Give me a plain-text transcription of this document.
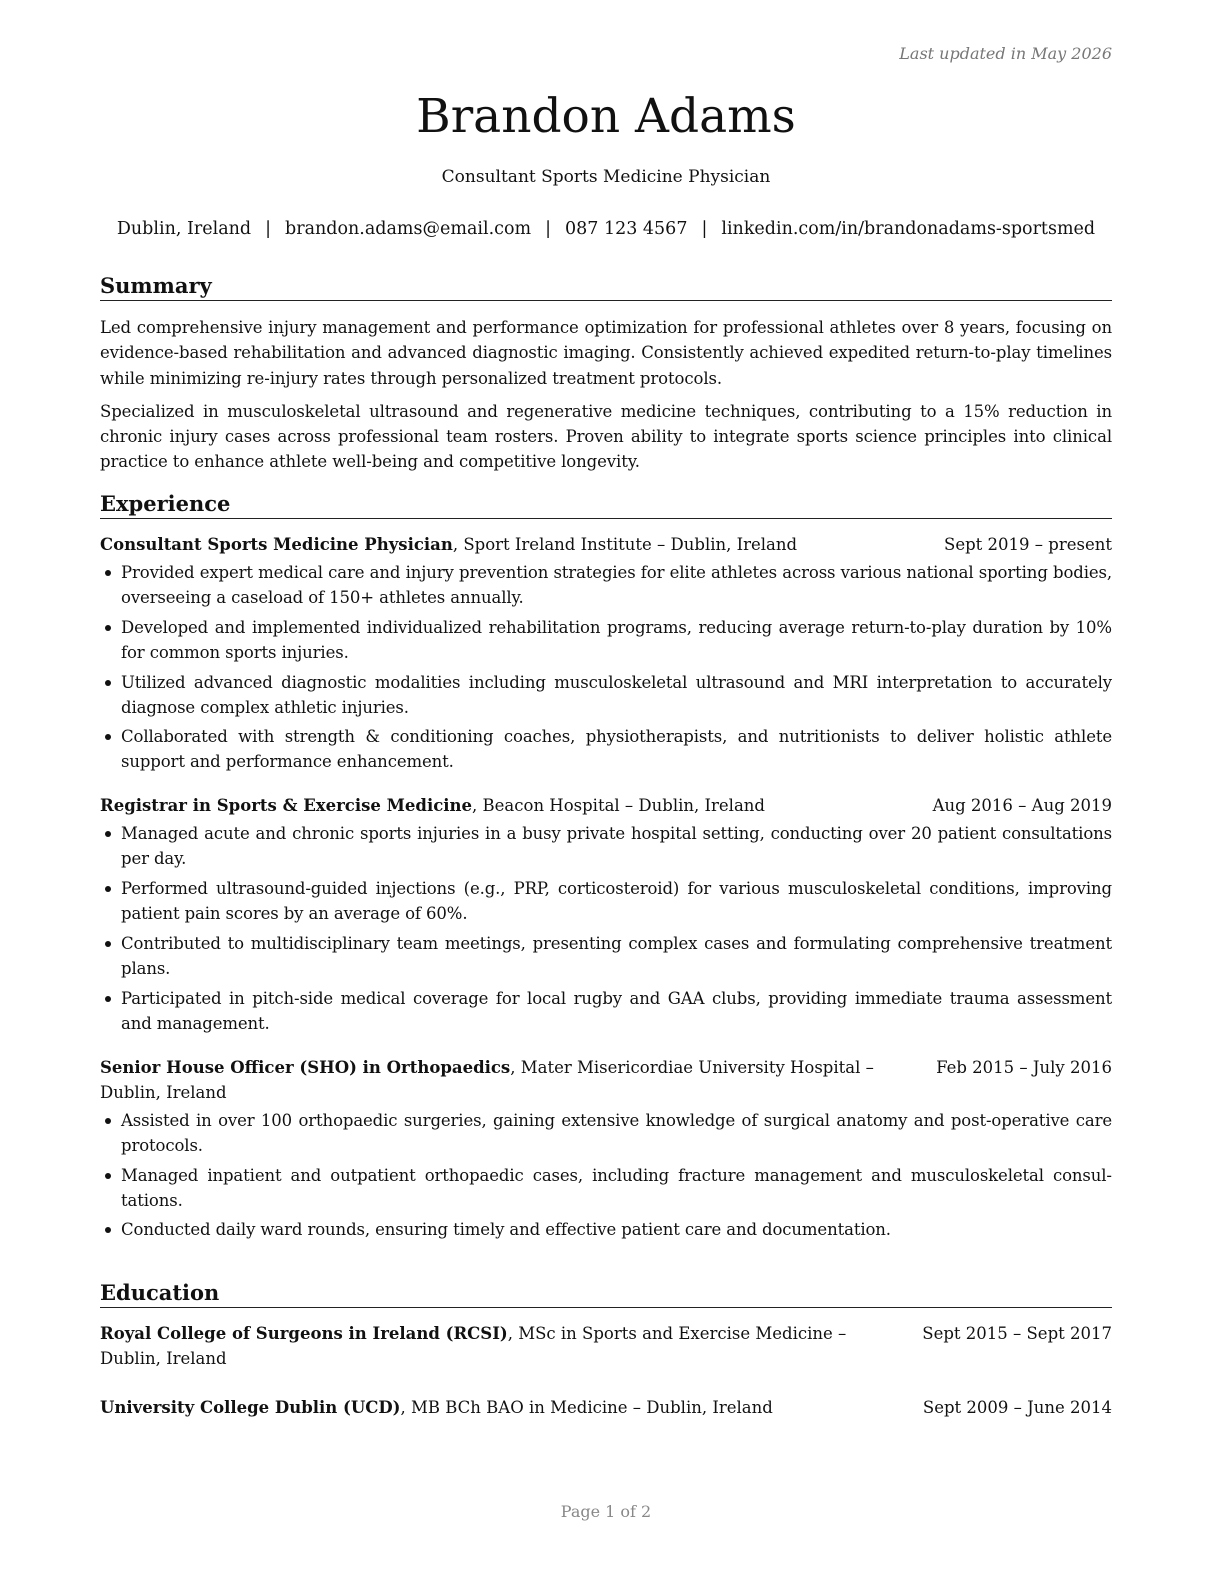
Last updated in May 2026
Brandon Adams
Consultant Sports Medicine Physician
Dublin, Ireland | brandon.adams@email.com | 087 123 4567 | linkedin.com/in/brandonadams-sportsmed
Summary

Led comprehensive injury management and performance optimization for professional athletes over 8 years, focusing on evidence-based rehabilitation and advanced diagnostic imaging. Consistently achieved expedited return-to-play timelines while minimizing re-injury rates through personalized treatment protocols.

Specialized in musculoskeletal ultrasound and regenerative medicine techniques, contributing to a 15% reduction in chronic injury cases across professional team rosters. Proven ability to integrate sports science principles into clinical practice to enhance athlete well-being and competitive longevity.

Experience
Consultant Sports Medicine Physician, Sport Ireland Institute – Dublin, Ireland	Sept 2019 – present
Provided expert medical care and injury prevention strategies for elite athletes across various national sporting bodies, overseeing a caseload of 150+ athletes annually.
Developed and implemented individualized rehabilitation programs, reducing average return-to-play duration by 10% for common sports injuries.
Utilized advanced diagnostic modalities including musculoskeletal ultrasound and MRI interpretation to accurately diagnose complex athletic injuries.
Collaborated with strength & conditioning coaches, physiotherapists, and nutritionists to deliver holistic athlete support and performance enhancement.
Registrar in Sports & Exercise Medicine, Beacon Hospital – Dublin, Ireland	Aug 2016 – Aug 2019
Managed acute and chronic sports injuries in a busy private hospital setting, conducting over 20 patient consultations per day.
Performed ultrasound-guided injections (e.g., PRP, corticosteroid) for various musculoskeletal conditions, improving patient pain scores by an average of 60%.
Contributed to multidisciplinary team meetings, presenting complex cases and formulating comprehensive treatment plans.
Participated in pitch-side medical coverage for local rugby and GAA clubs, providing immediate trauma assessment and management.
Senior House Officer (SHO) in Orthopaedics, Mater Misericordiae University Hospital – Dublin, Ireland
Feb 2015 – July 2016
Assisted in over 100 orthopaedic surgeries, gaining extensive knowledge of surgical anatomy and post-operative care protocols.
Managed inpatient and outpatient orthopaedic cases, including fracture management and musculoskeletal consultations.
Conducted daily ward rounds, ensuring timely and effective patient care and documentation.
Education
Royal College of Surgeons in Ireland (RCSI), MSc in Sports and Exercise Medicine – Dublin, Ireland
Sept 2015 – Sept 2017
University College Dublin (UCD), MB BCh BAO in Medicine – Dublin, Ireland	Sept 2009 – June 2014
Page 1 of 2
